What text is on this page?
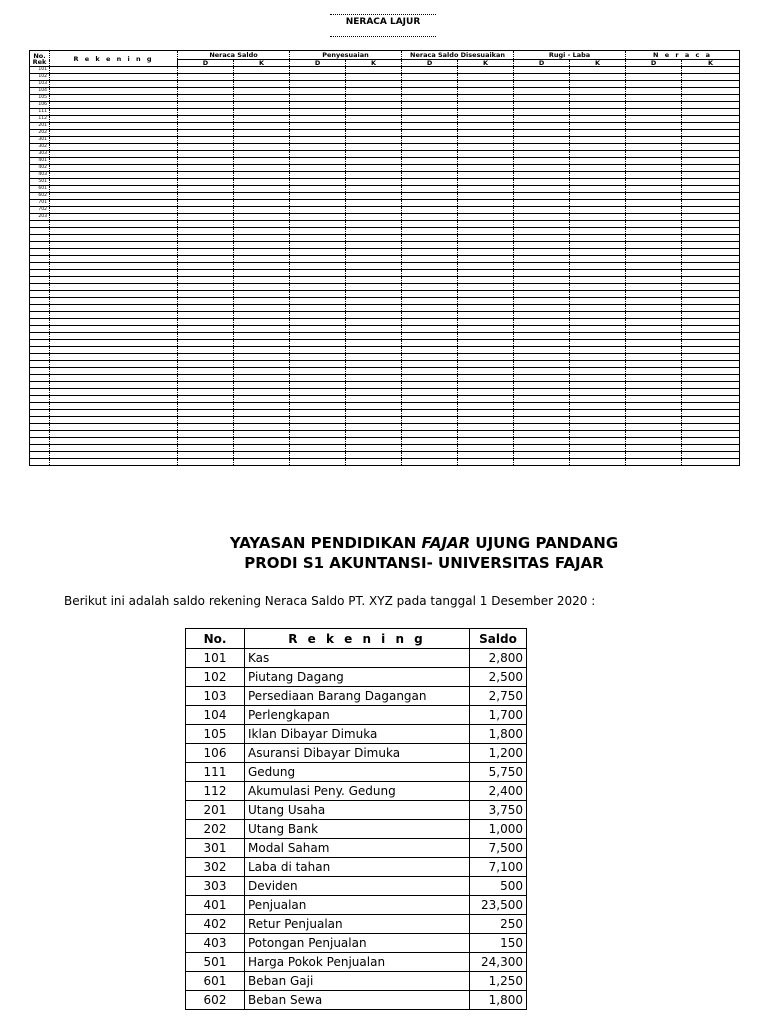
NERACA LAJUR
No. Rek	R e k e n i n g	Neraca Saldo		Penyesuaian		Neraca Saldo Disesuaikan		Rugi - Laba		N e r a c a	
		D	K	D	K	D	K	D	K	D	K
101											
102											
103											
104											
105											
106											
111											
112											
201											
202											
301											
302											
303											
401											
402											
403											
501											
601											
602											
701											
702											
203											

YAYASAN PENDIDIKAN FAJAR UJUNG PANDANG
PRODI S1 AKUNTANSI- UNIVERSITAS FAJAR
Berikut ini adalah saldo rekening Neraca Saldo PT. XYZ pada tanggal 1 Desember 2020 :
No.	R e k e n i n g	Saldo
101	Kas	2,800
102	Piutang Dagang	2,500
103	Persediaan Barang Dagangan	2,750
104	Perlengkapan	1,700
105	Iklan Dibayar Dimuka	1,800
106	Asuransi Dibayar Dimuka	1,200
111	Gedung	5,750
112	Akumulasi Peny. Gedung	2,400
201	Utang Usaha	3,750
202	Utang Bank	1,000
301	Modal Saham	7,500
302	Laba di tahan	7,100
303	Deviden	500
401	Penjualan	23,500
402	Retur Penjualan	250
403	Potongan Penjualan	150
501	Harga Pokok Penjualan	24,300
601	Beban Gaji	1,250
602	Beban Sewa	1,800
